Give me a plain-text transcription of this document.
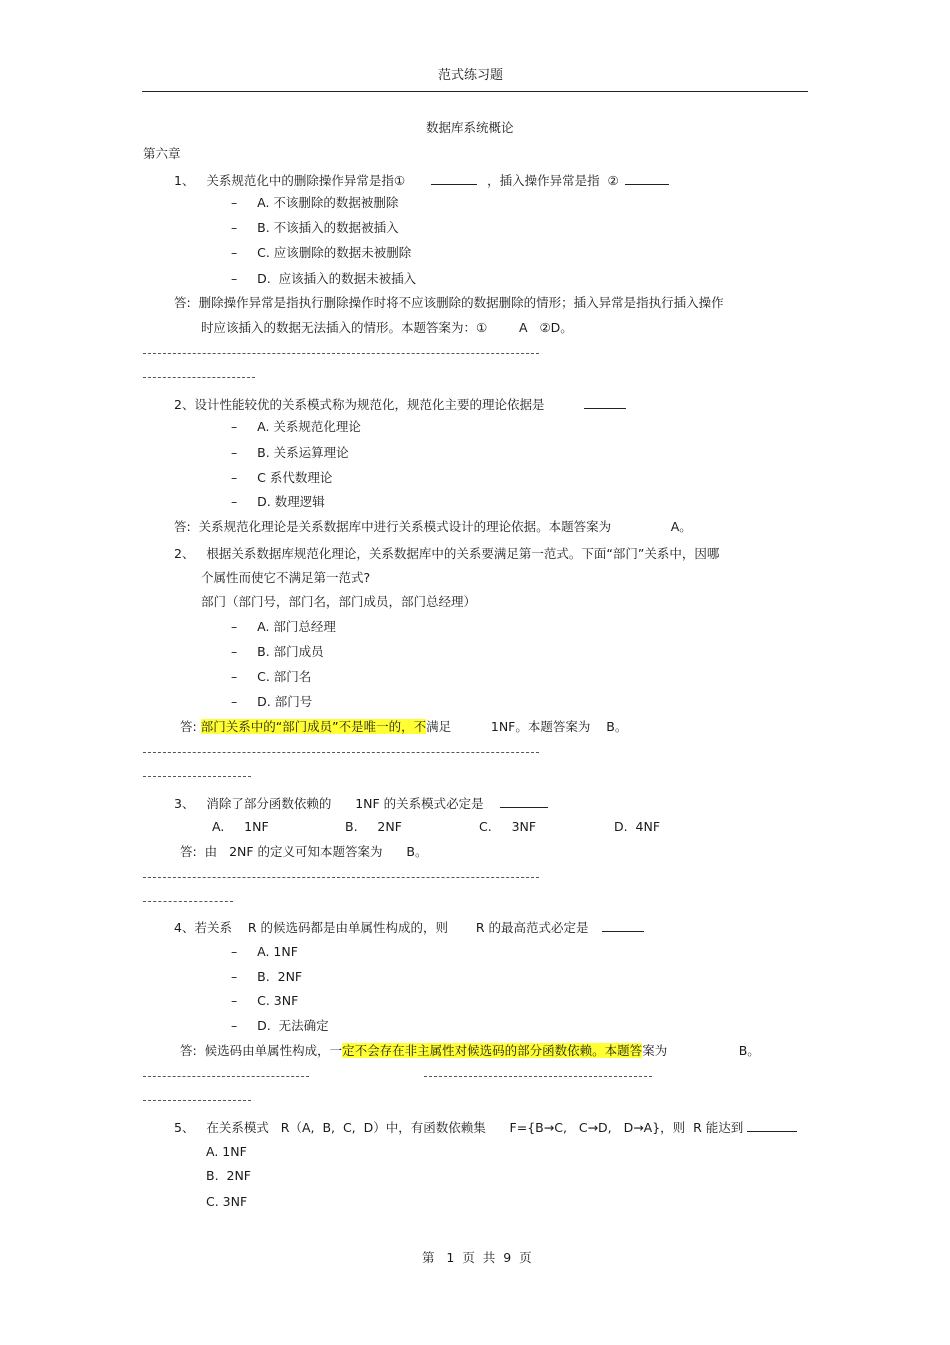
范式练习题
数据库系统概论
第六章
1、   关系规范化中的删除操作异常是指①	，插入操作异常是指  ②
–     A. 不该删除的数据被删除
–     B. 不该插入的数据被插入
–     C. 应该删除的数据未被删除
–     D.  应该插入的数据未被插入
答:  删除操作异常是指执行删除操作时将不应该删除的数据删除的情形；插入异常是指执行插入操作
时应该插入的数据无法插入的情形。本题答案为：①        A   ②D。
2、设计性能较优的关系模式称为规范化，规范化主要的理论依据是
–     A. 关系规范化理论
–     B. 关系运算理论
–     C 系代数理论
–     D. 数理逻辑
答:  关系规范化理论是关系数据库中进行关系模式设计的理论依据。本题答案为               A。
2、   根据关系数据库规范化理论，关系数据库中的关系要满足第一范式。下面“部门”关系中，因哪
个属性而使它不满足第一范式?
部门（部门号，部门名，部门成员，部门总经理）
–     A. 部门总经理
–     B. 部门成员
–     C. 部门名
–     D. 部门号
答: 部门关系中的“部门成员”不是唯一的，不满足          1NF。本题答案为    B。
3、   消除了部分函数依赖的      1NF 的关系模式必定是
A.     1NF	B.     2NF	C.     3NF	D.  4NF
答:  由   2NF 的定义可知本题答案为      B。
4、若关系    R 的候选码都是由单属性构成的，则       R 的最高范式必定是
–     A. 1NF
–     B.  2NF
–     C. 3NF
–     D.  无法确定
答:  候选码由单属性构成，一定不会存在非主属性对候选码的部分函数依赖。本题答案为                  B。
5、   在关系模式   R（A,  B,  C,  D）中，有函数依赖集      F={B→C,   C→D,   D→A}，则  R 能达到
A. 1NF
B.  2NF
C. 3NF
第   1  页  共  9  页
